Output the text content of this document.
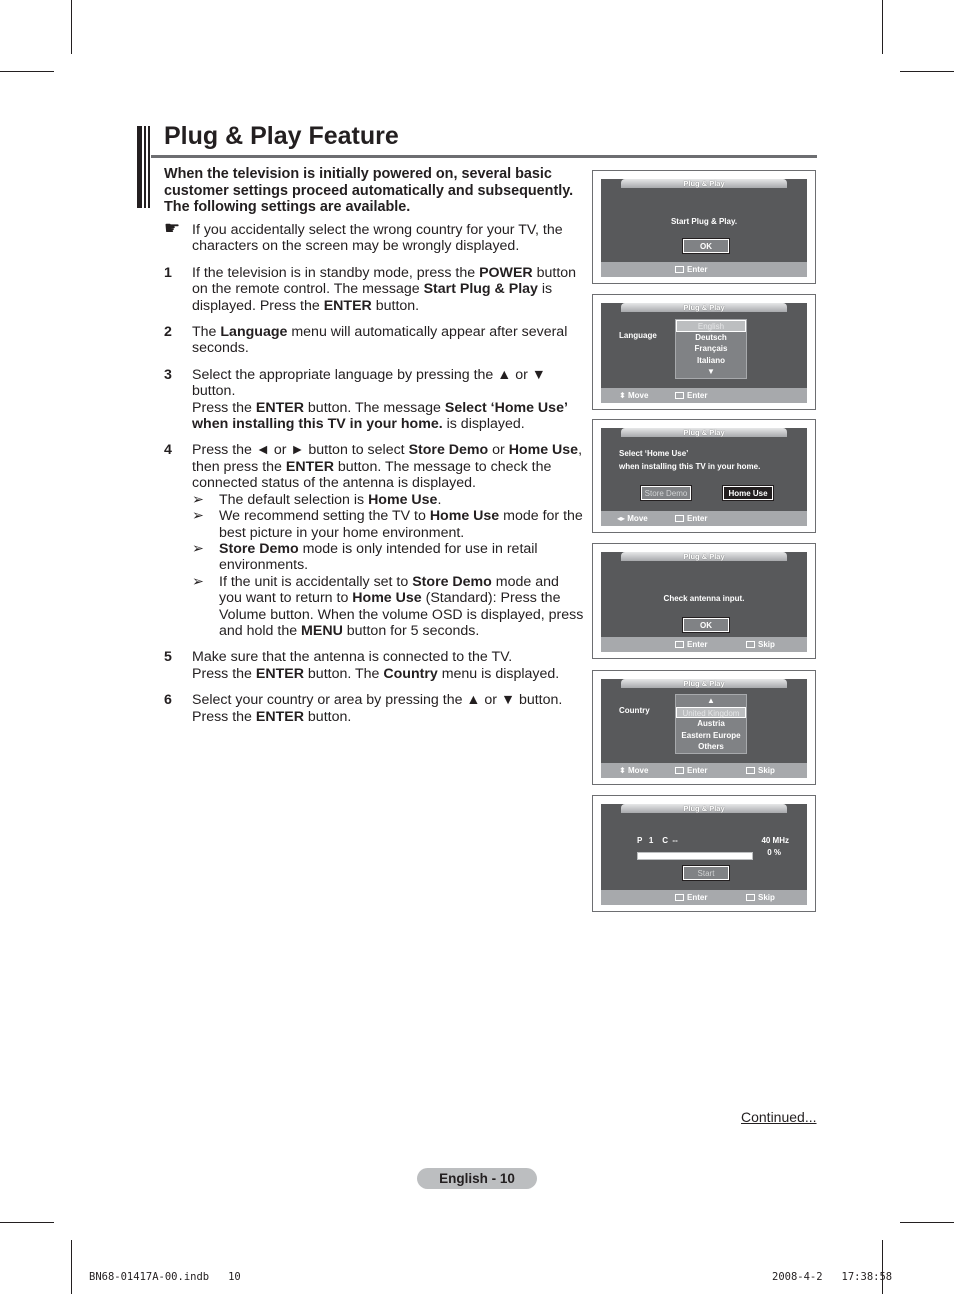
Plug & Play Feature
When the television is initially powered on, several basic customer settings proceed automatically and subsequently. The following settings are available.
☛ If you accidentally select the wrong country for your TV, the characters on the screen may be wrongly displayed.
1 If the television is in standby mode, press the POWER button on the remote control. The message Start Plug & Play is displayed. Press the ENTER button.
2 The Language menu will automatically appear after several seconds.
3 Select the appropriate language by pressing the ▲ or ▼ button.
Press the ENTER button. The message Select ‘Home Use’ when installing this TV in your home. is displayed.
4 Press the ◄ or ► button to select Store Demo or Home Use, then press the ENTER button. The message to check the connected status of the antenna is displayed.
➢ The default selection is Home Use.
➢ We recommend setting the TV to Home Use mode for the best picture in your home environment.
➢ Store Demo mode is only intended for use in retail environments.
➢ If the unit is accidentally set to Store Demo mode and you want to return to Home Use (Standard): Press the Volume button. When the volume OSD is displayed, press and hold the MENU button for 5 seconds.
5 Make sure that the antenna is connected to the TV.
Press the ENTER button. The Country menu is displayed.
6 Select your country or area by pressing the ▲ or ▼ button.
Press the ENTER button.
Plug & Play
Start Plug & Play.
OK
Enter
Plug & Play
Language
English
Deutsch
Français
Italiano
▼
⬍ Move	Enter
Plug & Play
Select ‘Home Use’
when installing this TV in your home.
Store Demo	Home Use
◂▸ Move	Enter
Plug & Play
Check antenna input.
OK
Enter	Skip
Plug & Play
Country
▲
United Kingdom
Austria
Eastern Europe
Others
⬍ Move	Enter	Skip
Plug & Play
P   1    C  --	40 MHz
0 %
Start
Enter	Skip
Continued...
English - 10
BN68-01417A-00.indb   10	2008-4-2   17:38:58
